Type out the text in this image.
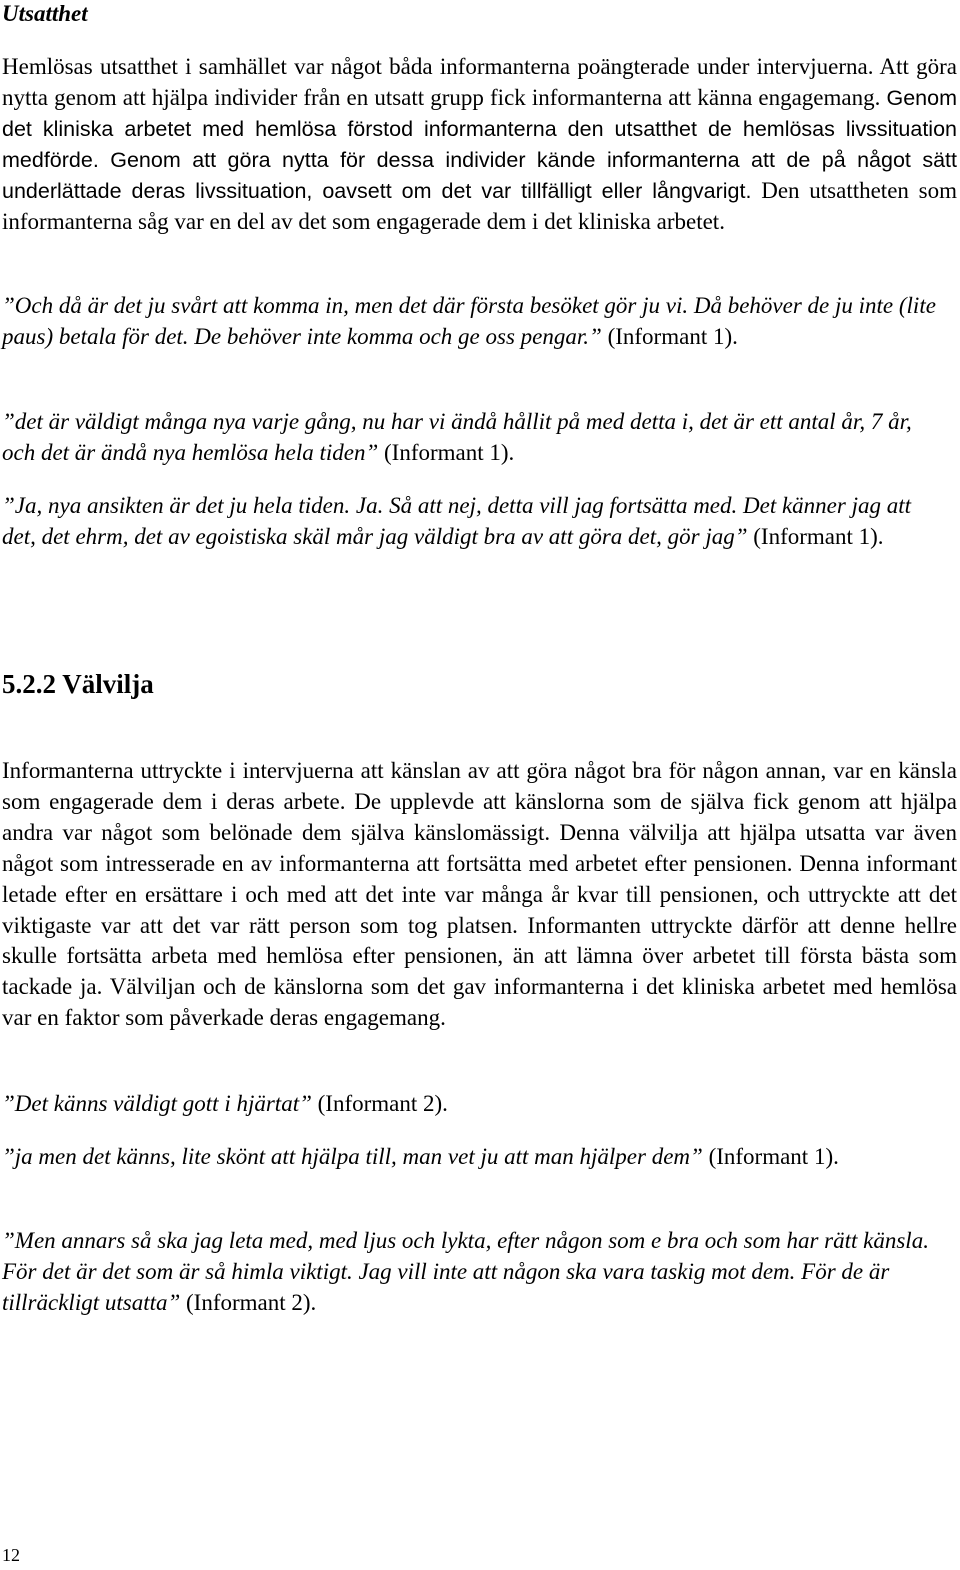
Utsatthet

Hemlösas utsatthet i samhället var något båda informanterna poängterade under intervjuerna. Att göra nytta genom att hjälpa individer från en utsatt grupp fick informanterna att känna engagemang. Genom det kliniska arbetet med hemlösa förstod informanterna den utsatthet de hemlösas livssituation medförde. Genom att göra nytta för dessa individer kände informanterna att de på något sätt underlättade deras livssituation, oavsett om det var tillfälligt eller långvarigt. Den utsattheten som informanterna såg var en del av det som engagerade dem i det kliniska arbetet.

”Och då är det ju svårt att komma in, men det där första besöket gör ju vi. Då behöver de ju inte (lite paus) betala för det. De behöver inte komma och ge oss pengar.” (Informant 1).

”det är väldigt många nya varje gång, nu har vi ändå hållit på med detta i, det är ett antal år, 7 år, och det är ändå nya hemlösa hela tiden” (Informant 1).

”Ja, nya ansikten är det ju hela tiden. Ja. Så att nej, detta vill jag fortsätta med. Det känner jag att det, det ehrm, det av egoistiska skäl mår jag väldigt bra av att göra det, gör jag” (Informant 1).

5.2.2 Välvilja

Informanterna uttryckte i intervjuerna att känslan av att göra något bra för någon annan, var en känsla som engagerade dem i deras arbete. De upplevde att känslorna som de själva fick genom att hjälpa andra var något som belönade dem själva känslomässigt. Denna välvilja att hjälpa utsatta var även något som intresserade en av informanterna att fortsätta med arbetet efter pensionen. Denna informant letade efter en ersättare i och med att det inte var många år kvar till pensionen, och uttryckte att det viktigaste var att det var rätt person som tog platsen. Informanten uttryckte därför att denne hellre skulle fortsätta arbeta med hemlösa efter pensionen, än att lämna över arbetet till första bästa som tackade ja. Välviljan och de känslorna som det gav informanterna i det kliniska arbetet med hemlösa var en faktor som påverkade deras engagemang.

”Det känns väldigt gott i hjärtat” (Informant 2).

”ja men det känns, lite skönt att hjälpa till, man vet ju att man hjälper dem” (Informant 1).

”Men annars så ska jag leta med, med ljus och lykta, efter någon som e bra och som har rätt känsla. För det är det som är så himla viktigt. Jag vill inte att någon ska vara taskig mot dem. För de är tillräckligt utsatta” (Informant 2).

12
